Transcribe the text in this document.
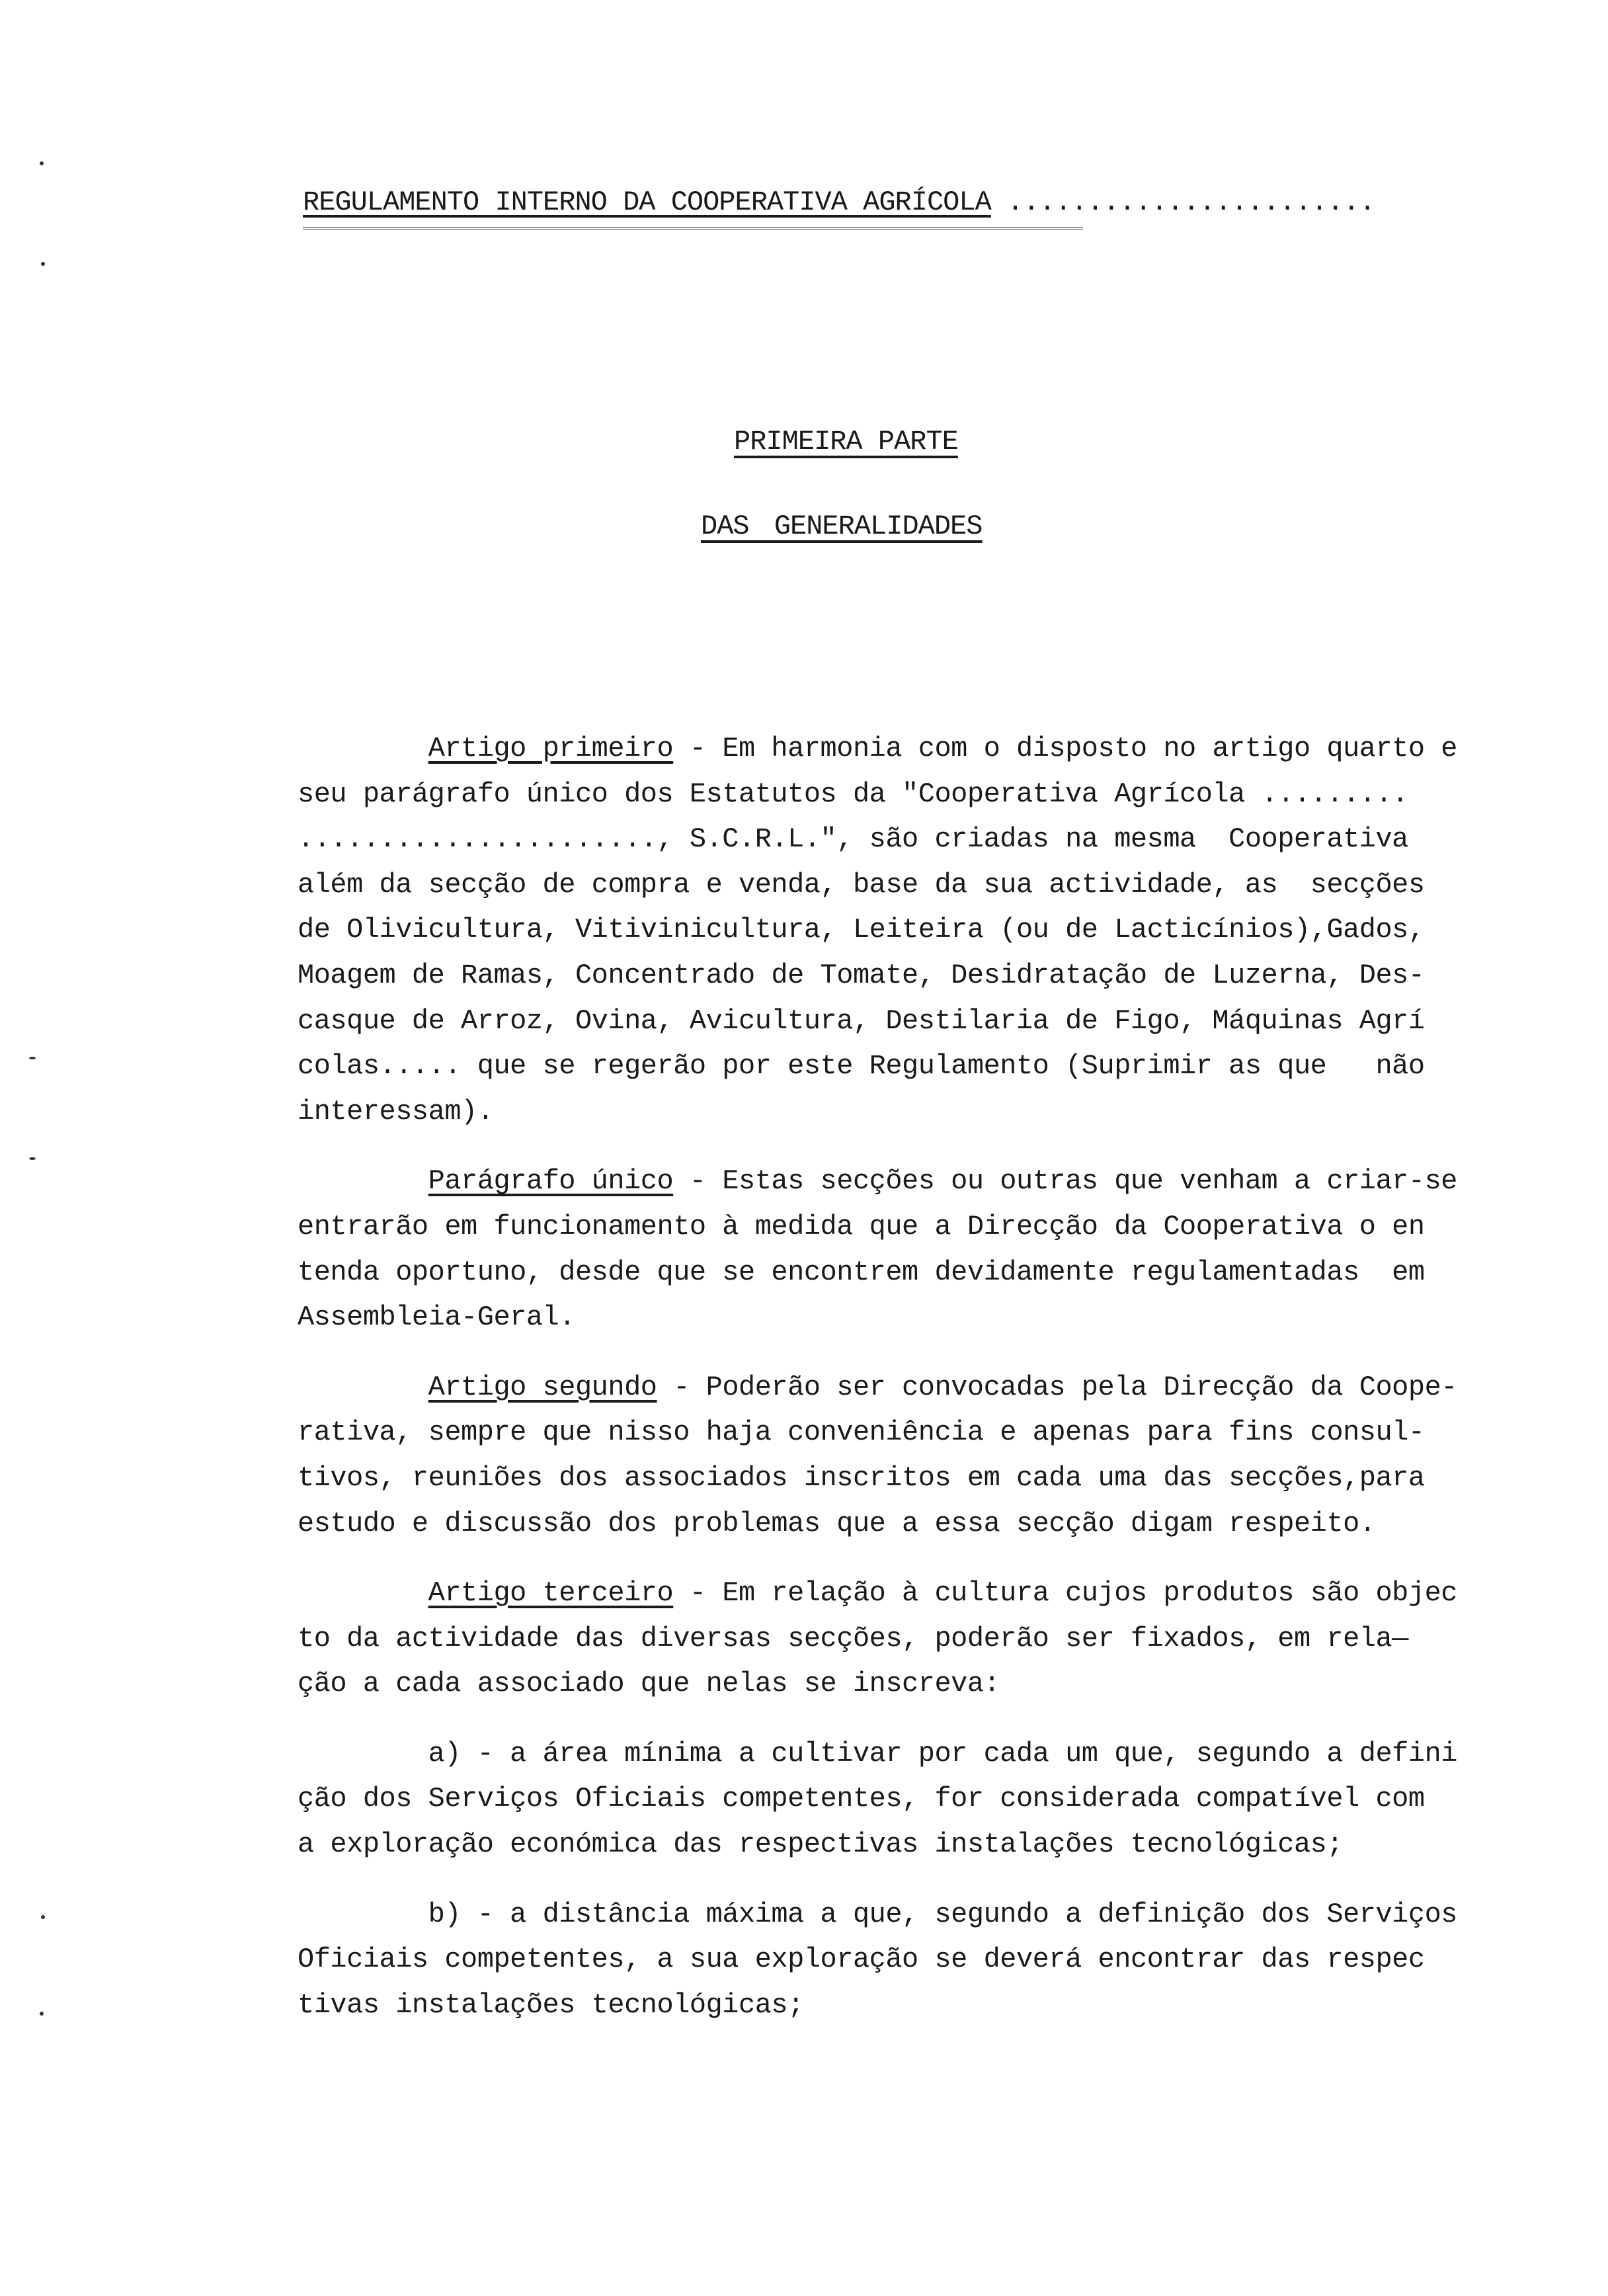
REGULAMENTO INTERNO DA COOPERATIVA AGRÍCOLA .......................
PRIMEIRA PARTE
DAS GENERALIDADES
Artigo primeiro - Em harmonia com o disposto no artigo quarto e
seu parágrafo único dos Estatutos da "Cooperativa Agrícola .........
......................, S.C.R.L.", são criadas na mesma  Cooperativa
além da secção de compra e venda, base da sua actividade, as  secções
de Olivicultura, Vitivinicultura, Leiteira (ou de Lacticínios),Gados,
Moagem de Ramas, Concentrado de Tomate, Desidratação de Luzerna, Des-
casque de Arroz, Ovina, Avicultura, Destilaria de Figo, Máquinas Agrí
colas..... que se regerão por este Regulamento (Suprimir as que   não
interessam).
Parágrafo único - Estas secções ou outras que venham a criar-se
entrarão em funcionamento à medida que a Direcção da Cooperativa o en
tenda oportuno, desde que se encontrem devidamente regulamentadas  em
Assembleia-Geral.
Artigo segundo - Poderão ser convocadas pela Direcção da Coope-
rativa, sempre que nisso haja conveniência e apenas para fins consul-
tivos, reuniões dos associados inscritos em cada uma das secções,para
estudo e discussão dos problemas que a essa secção digam respeito.
Artigo terceiro - Em relação à cultura cujos produtos são objec
to da actividade das diversas secções, poderão ser fixados, em rela—
ção a cada associado que nelas se inscreva:
a) - a área mínima a cultivar por cada um que, segundo a defini
ção dos Serviços Oficiais competentes, for considerada compatível com
a exploração económica das respectivas instalações tecnológicas;
b) - a distância máxima a que, segundo a definição dos Serviços
Oficiais competentes, a sua exploração se deverá encontrar das respec
tivas instalações tecnológicas;
